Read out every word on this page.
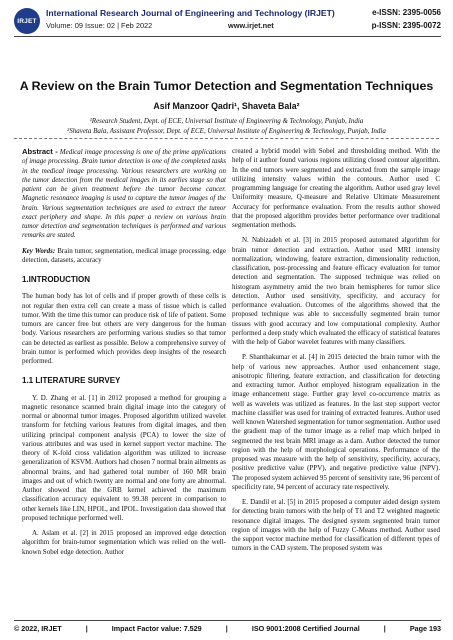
IRJET
International Research Journal of Engineering and Technology (IRJET)
Volume: 09 Issue: 02 | Feb 2022	www.irjet.net
e-ISSN: 2395-0056
p-ISSN: 2395-0072
A Review on the Brain Tumor Detection and Segmentation Techniques
Asif Manzoor Qadri¹, Shaveta Bala²
¹Research Student, Dept. of ECE, Universal Institute of Engineering & Technology, Punjab, India
²Shaveta Bala, Assistant Professor, Dept. of ECE, Universal Institute of Engineering & Technology, Punjab, India

Abstract - Medical image processing is one of the prime applications of image processing. Brain tumor detection is one of the completed tasks in the medical image processing. Various researchers are working on the tumor detection from the medical images in its earlies stage so that patient can be given treatment before the tumor become cancer. Magnetic resonance imaging is used to capture the tumor images of the brain. Various segmentation techniques are used to extract the tumor exact periphery and shape. In this paper a review on various brain tumor detection and segmentation techniques is performed and various remarks are stated.

Key Words: Brain tumor, segmentation, medical image processing, edge detection, datasets, accuracy

1.INTRODUCTION

The human body has lot of cells and if proper growth of these cells is not regular then extra cell can create a mass of tissue which is called tumor. With the time this tumor can produce risk of life of patient. Some tumors are cancer free but others are very dangerous for the human body. Various researchers are performing various studies so that tumor can be detected as earliest as possible. Below a comprehensive survey of brain tumor is performed which provides deep insights of the research performed.

1.1 LITERATURE SURVEY

Y. D. Zhang et al. [1] in 2012 proposed a method for grouping a magnetic resonance scanned brain digital image into the category of normal or abnormal tumor images. Proposed algorithm utilized wavelet transform for fetching various features from digital images, and then utilizing principal component analysis (PCA) to lower the size of various attributes and was used in kernel support vector machine. The theory of K-fold cross validation algorithm was utilized to increase generalization of KSVM. Authors had chosen 7 normal brain ailments as abnormal brains, and had gathered total number of 160 MR brain images and out of which twenty are normal and one forty are abnormal. Author showed that the GRB kernel achieved the maximum classification accuracy equivalent to 99.38 percent in comparison to other kernels like LIN, HPOL, and IPOL. Investigation data showed that proposed technique performed well.

A. Aslam et al. [2] in 2015 proposed an improved edge detection algorithm for brain-tumor segmentation which was relied on the well-known Sobel edge detection. Author

created a hybrid model with Sobel and thresholding method. With the help of it author found various regions utilizing closed contour algorithm. In the end tumors were segmented and extracted from the sample image utilizing intensity values within the contours. Author used C programming language for creating the algorithm. Author used gray level Uniformity measure, Q-measure and Relative Ultimate Measurement Accuracy for performance evaluation. From the results author showed that the proposed algorithm provides better performance over traditional segmentation methods.

N. Nabizadeh et al. [3] in 2015 proposed automated algorithm for brain tumor detection and extraction. Author used MRI intensity normalization, windowing, feature extraction, dimensionality reduction, classification, post-processing and feature efficacy evaluation for tumor detection and segmentation. The supposed technique was relied on histogram asymmetry amid the two brain hemispheres for tumor slice detection. Author used sensitivity, specificity, and accuracy for performance evaluation. Outcomes of the algorithms showed that the proposed technique was able to successfully segmented brain tumor tissues with good accuracy and low computational complexity. Author performed a deep study which evaluated the efficacy of statistical features with the help of Gabor wavelet features with many classifiers.

P. Shanthakumar et al. [4] in 2015 detected the brain tumor with the help of various new approaches. Author used enhancement stage, anisotropic filtering, feature extraction, and classification for detecting and extracting tumor. Author employed histogram equalization in the image enhancement stage. Further gray level co-occurrence matrix as well as wavelets was utilized as features. In the last step support vector machine classifier was used for training of extracted features. Author used well known Watershed segmentation for tumor segmentation. Author used the gradient map of the tumor image as a relief map which helped in segmented the test brain MRI image as a dam. Author detected the tumor region with the help of morphological operations. Performance of the proposed was measure with the help of sensitivity, specificity, accuracy, positive predictive value (PPV), and negative predictive value (NPV). The proposed system achieved 95 percent of sensitivity rate, 96 percent of specificity rate, 94 percent of accuracy rate respectively.

E. Dandil et al. [5] in 2015 proposed a computer aided design system for detecting brain tumors with the help of T1 and T2 weighted magnetic resonance digital images. The designed system segmented brain tumor region of images with the help of Fuzzy C-Means method. Author used the support vector machine method for classification of different types of tumors in the CAD system. The proposed system was

© 2022, IRJET	|	Impact Factor value: 7.529	|	ISO 9001:2008 Certified Journal	|	Page 193
